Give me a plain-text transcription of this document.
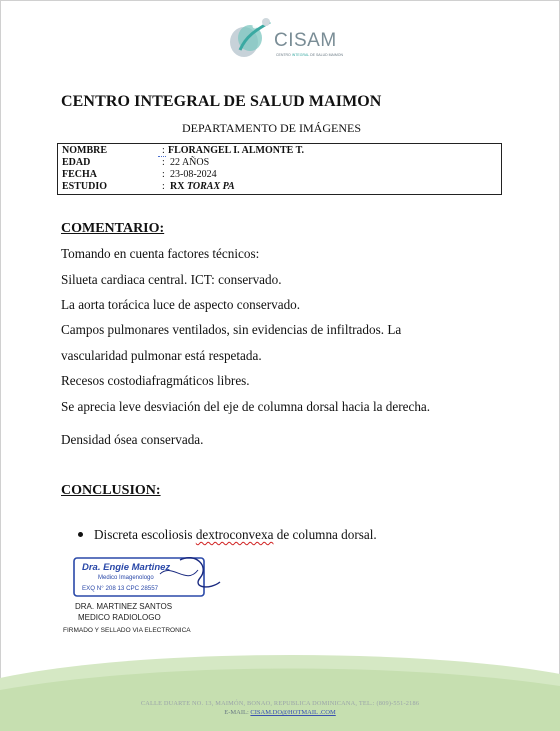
CISAM
CENTRO INTEGRAL DE SALUD MAIMON
CENTRO INTEGRAL DE SALUD MAIMON
DEPARTAMENTO DE IMÁGENES
NOMBRE	: FLORANGEL I. ALMONTE T.
EDAD	: 22 AÑOS
FECHA	: 23-08-2024
ESTUDIO	: RX TORAX PA
COMENTARIO:
Tomando en cuenta factores técnicos:
Silueta cardiaca central. ICT: conservado.
La aorta torácica luce de aspecto conservado.
Campos pulmonares ventilados, sin evidencias de infiltrados. La
vascularidad pulmonar está respetada.
Recesos costodiafragmáticos libres.
Se aprecia leve desviación del eje de columna dorsal hacia la derecha.
Densidad ósea conservada.
CONCLUSION:
Discreta escoliosis dextroconvexa de columna dorsal.
Dra. Engie Martinez
Medico Imagenologo
EXQ N° 208 13 CPC 28557
DRA. MARTINEZ SANTOS
MEDICO RADIOLOGO
FIRMADO Y SELLADO VIA ELECTRONICA
CALLE DUARTE NO. 13, MAIMÓN, BONAO, REPUBLICA DOMINICANA, TEL.: (809)-551-2186
E-MAIL: CISAM.DO@HOTMAIL .COM
